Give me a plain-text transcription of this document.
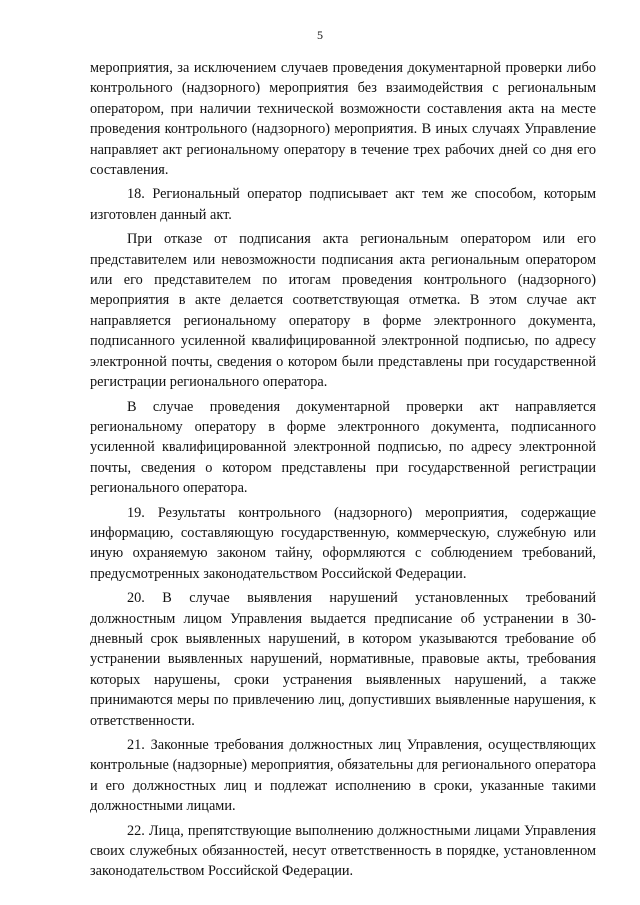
5

мероприятия, за исключением случаев проведения документарной проверки либо контрольного (надзорного) мероприятия без взаимодействия с региональным оператором, при наличии технической возможности составления акта на месте проведения контрольного (надзорного) мероприятия. В иных случаях Управление направляет акт региональному оператору в течение трех рабочих дней со дня его составления.

18. Региональный оператор подписывает акт тем же способом, которым изготовлен данный акт.

При отказе от подписания акта региональным оператором или его представителем или невозможности подписания акта региональным оператором или его представителем по итогам проведения контрольного (надзорного) мероприятия в акте делается соответствующая отметка. В этом случае акт направляется региональному оператору в форме электронного документа, подписанного усиленной квалифицированной электронной подписью, по адресу электронной почты, сведения о котором были представлены при государственной регистрации регионального оператора.

В случае проведения документарной проверки акт направляется региональному оператору в форме электронного документа, подписанного усиленной квалифицированной электронной подписью, по адресу электронной почты, сведения о котором представлены при государственной регистрации регионального оператора.

19. Результаты контрольного (надзорного) мероприятия, содержащие информацию, составляющую государственную, коммерческую, служебную или иную охраняемую законом тайну, оформляются с соблюдением требований, предусмотренных законодательством Российской Федерации.

20. В случае выявления нарушений установленных требований должностным лицом Управления выдается предписание об устранении в 30-дневный срок выявленных нарушений, в котором указываются требование об устранении выявленных нарушений, нормативные, правовые акты, требования которых нарушены, сроки устранения выявленных нарушений, а также принимаются меры по привлечению лиц, допустивших выявленные нарушения, к ответственности.

21. Законные требования должностных лиц Управления, осуществляющих контрольные (надзорные) мероприятия, обязательны для регионального оператора и его должностных лиц и подлежат исполнению в сроки, указанные такими должностными лицами.

22. Лица, препятствующие выполнению должностными лицами Управления своих служебных обязанностей, несут ответственность в порядке, установленном законодательством Российской Федерации.
